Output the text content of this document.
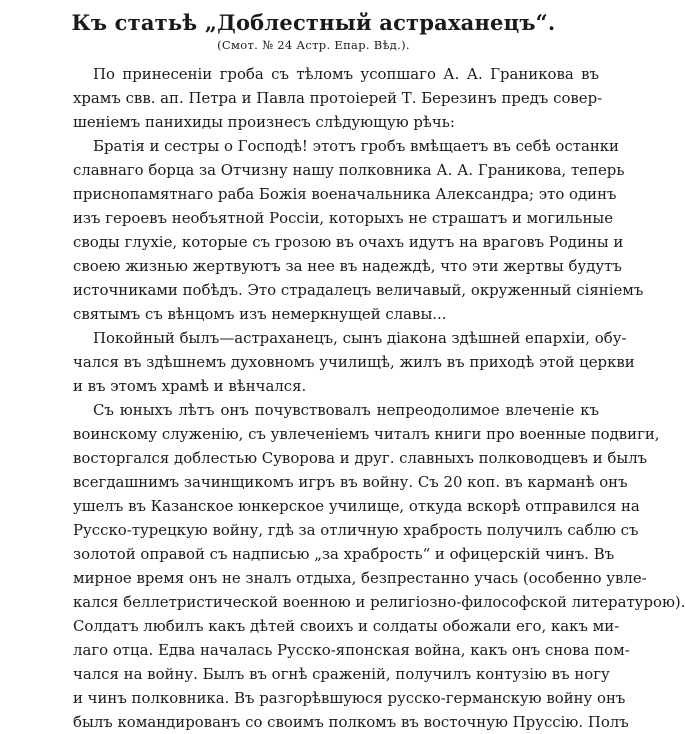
Къ статьѣ „Доблестный астраханецъ“.
(Смот. № 24 Астр. Епар. Вѣд.).

По принесеніи гроба съ тѣломъ усопшаго А. А. Граникова въ
храмъ свв. ап. Петра и Павла протоіерей Т. Березинъ предъ совер-
шеніемъ панихиды произнесъ слѣдующую рѣчь:

Братія и сестры о Господѣ! этотъ гробъ вмѣщаетъ въ себѣ останки
славнаго борца за Отчизну нашу полковника А. А. Граникова, теперь
приснопамятнаго раба Божія военачальника Александра; это одинъ
изъ героевъ необъятной Россіи, которыхъ не страшатъ и могильные
своды глухіе, которые съ грозою въ очахъ идутъ на враговъ Родины и
своею жизнью жертвуютъ за нее въ надеждѣ, что эти жертвы будутъ
источниками побѣдъ. Это страдалецъ величавый, окруженный сіяніемъ
святымъ съ вѣнцомъ изъ немеркнущей славы...

Покойный былъ—астраханецъ, сынъ діакона здѣшней епархіи, обу-
чался въ здѣшнемъ духовномъ училищѣ, жилъ въ приходѣ этой церкви
и въ этомъ храмѣ и вѣнчался.

Съ юныхъ лѣтъ онъ почувствовалъ непреодолимое влеченіе къ
воинскому служенію, съ увлеченіемъ читалъ книги про военные подвиги,
восторгался доблестью Суворова и друг. славныхъ полководцевъ и былъ
всегдашнимъ зачинщикомъ игръ въ войну. Съ 20 коп. въ карманѣ онъ
ушелъ въ Казанское юнкерское училище, откуда вскорѣ отправился на
Русско-турецкую войну, гдѣ за отличную храбрость получилъ саблю съ
золотой оправой съ надписью „за храбрость“ и офицерскій чинъ. Въ
мирное время онъ не зналъ отдыха, безпрестанно учась (особенно увле-
кался беллетристической военною и религіозно-философской литературою).
Солдатъ любилъ какъ дѣтей своихъ и солдаты обожали его, какъ ми-
лаго отца. Едва началась Русско-японская война, какъ онъ снова пом-
чался на войну. Былъ въ огнѣ сраженій, получилъ контузію въ ногу
и чинъ полковника. Въ разгорѣвшуюся русско-германскую войну онъ
былъ командированъ со своимъ полкомъ въ восточную Пруссію. Полъ
